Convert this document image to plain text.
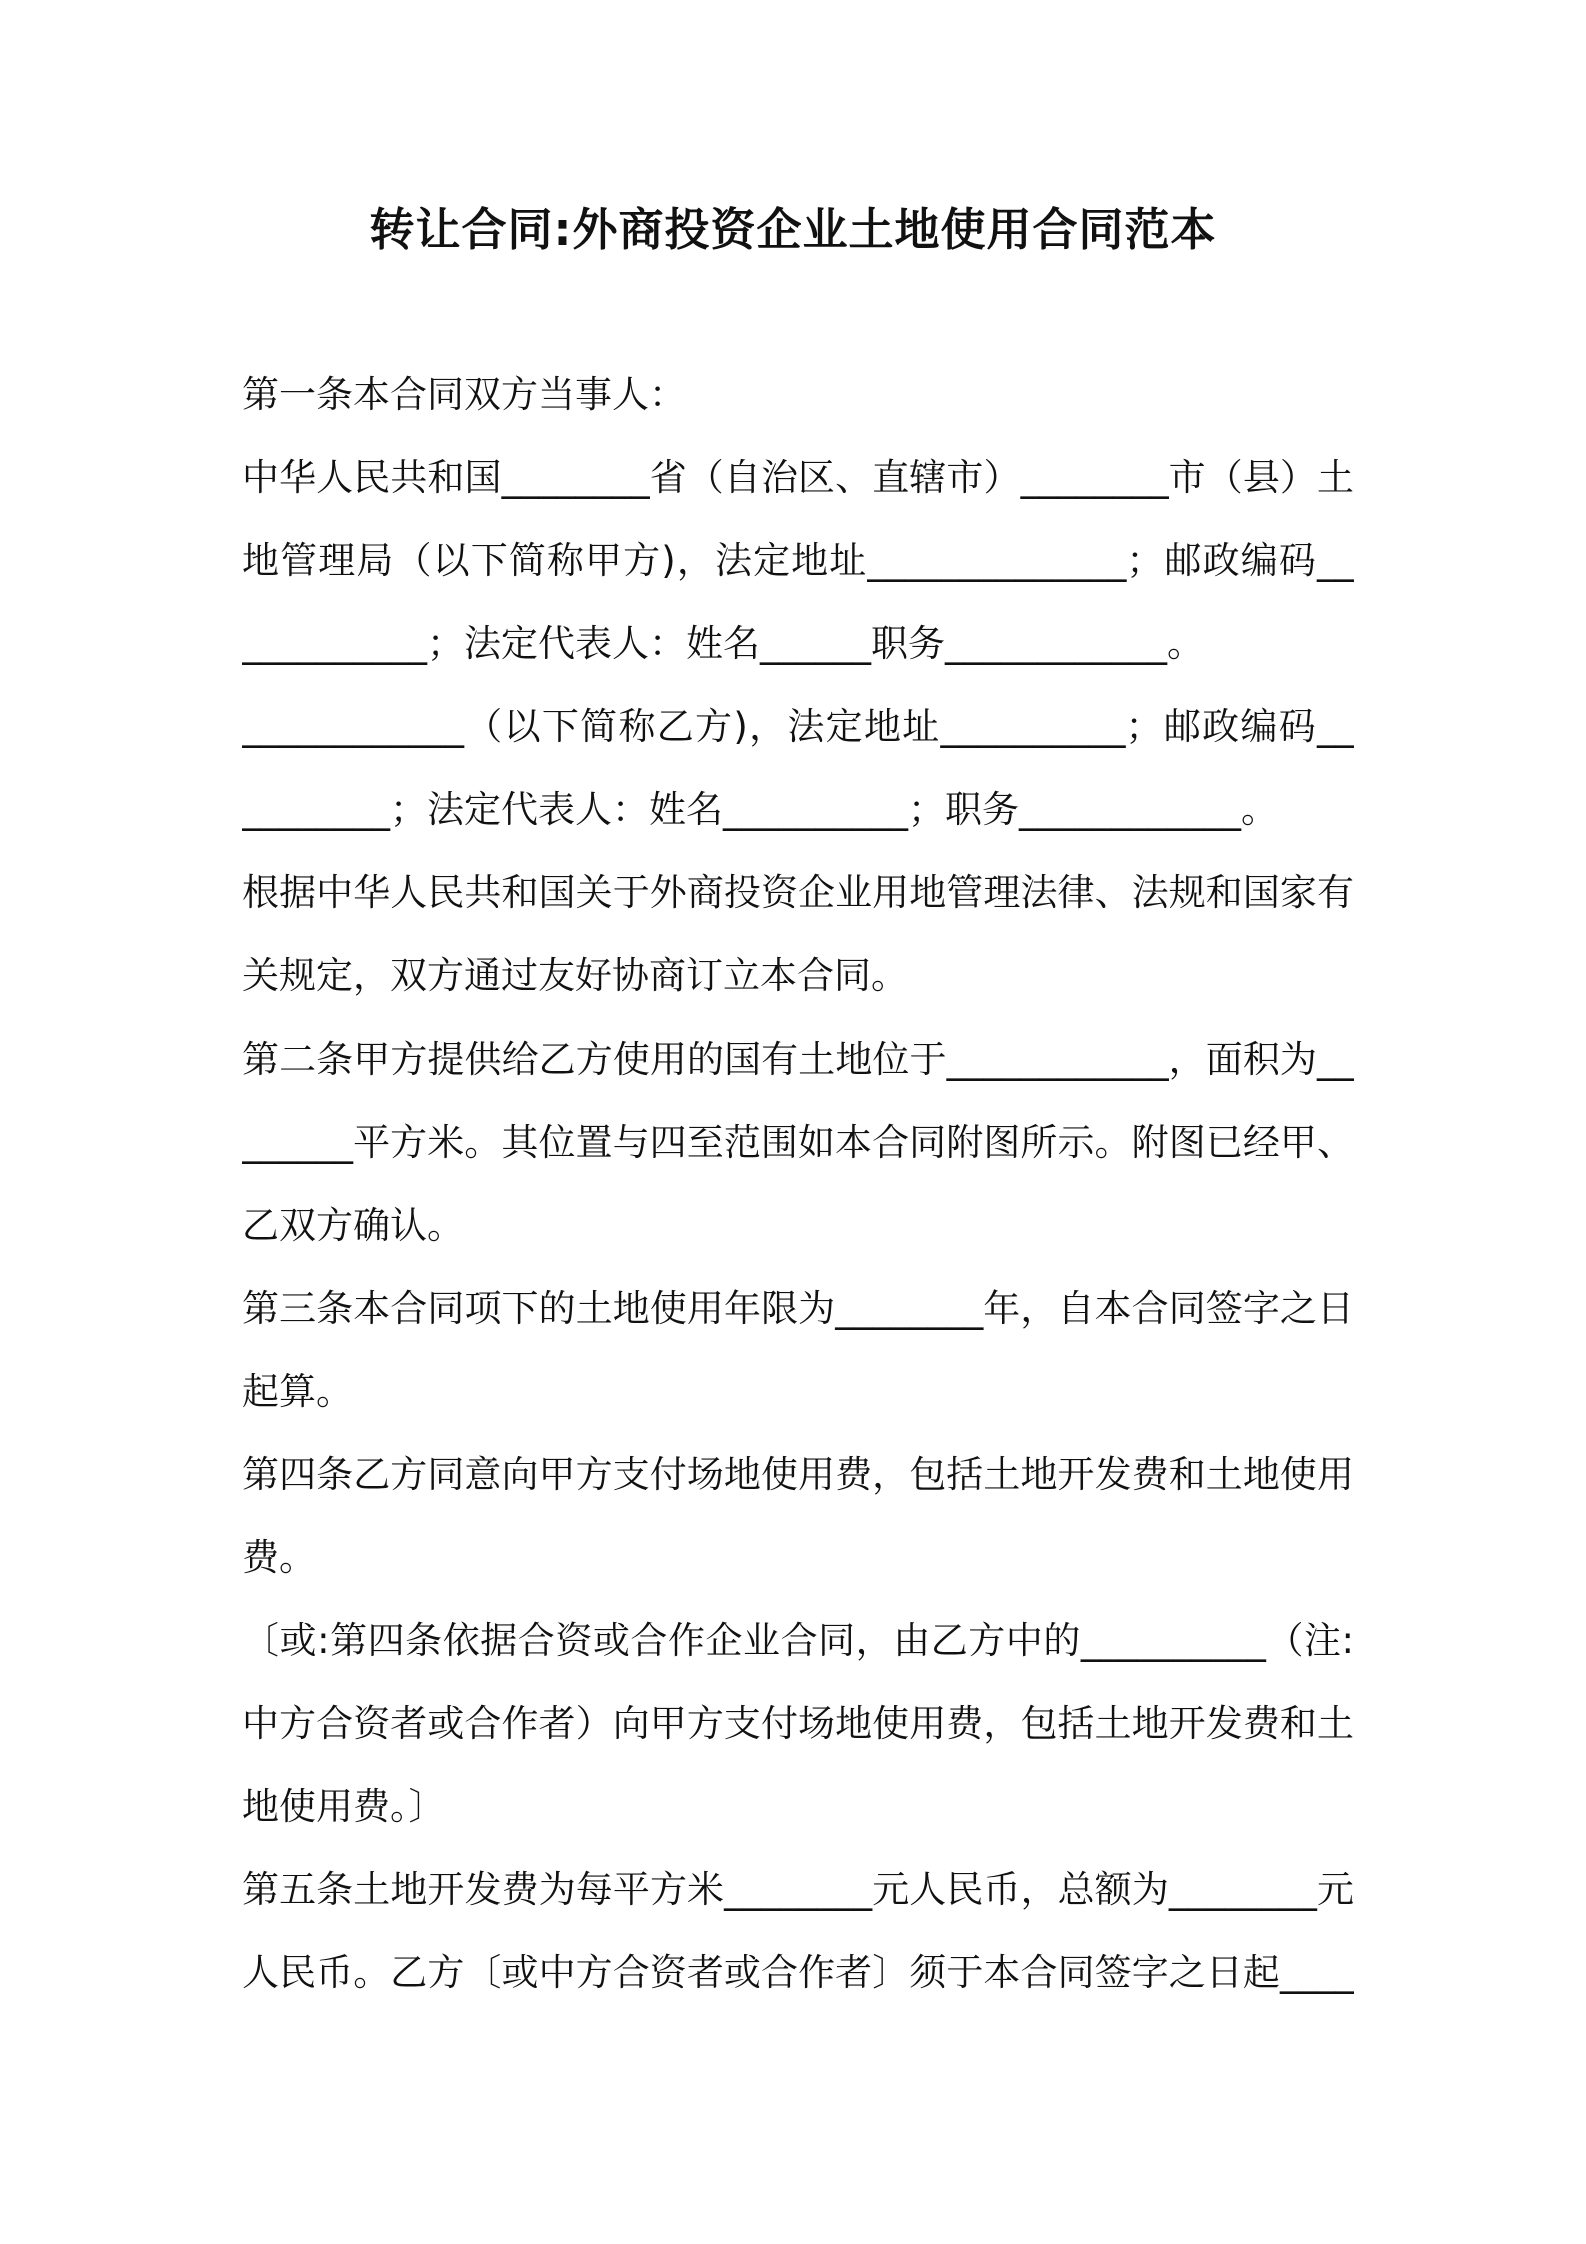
转让合同:外商投资企业土地使用合同范本
第一条本合同双方当事人：
中华人民共和国________省（自治区、直辖市）________市（县）土
地管理局（以下简称甲方)，法定地址______________；邮政编码__
__________；法定代表人：姓名______职务____________。
____________（以下简称乙方)，法定地址__________；邮政编码__
________；法定代表人：姓名__________；职务____________。
根据中华人民共和国关于外商投资企业用地管理法律、法规和国家有
关规定，双方通过友好协商订立本合同。
第二条甲方提供给乙方使用的国有土地位于____________，面积为__
______平方米。其位置与四至范围如本合同附图所示。附图已经甲、
乙双方确认。
第三条本合同项下的土地使用年限为________年，自本合同签字之日
起算。
第四条乙方同意向甲方支付场地使用费，包括土地开发费和土地使用
费。
〔或:第四条依据合资或合作企业合同，由乙方中的__________（注:
中方合资者或合作者）向甲方支付场地使用费，包括土地开发费和土
地使用费。〕
第五条土地开发费为每平方米________元人民币，总额为________元
人民币。乙方〔或中方合资者或合作者〕须于本合同签字之日起____
